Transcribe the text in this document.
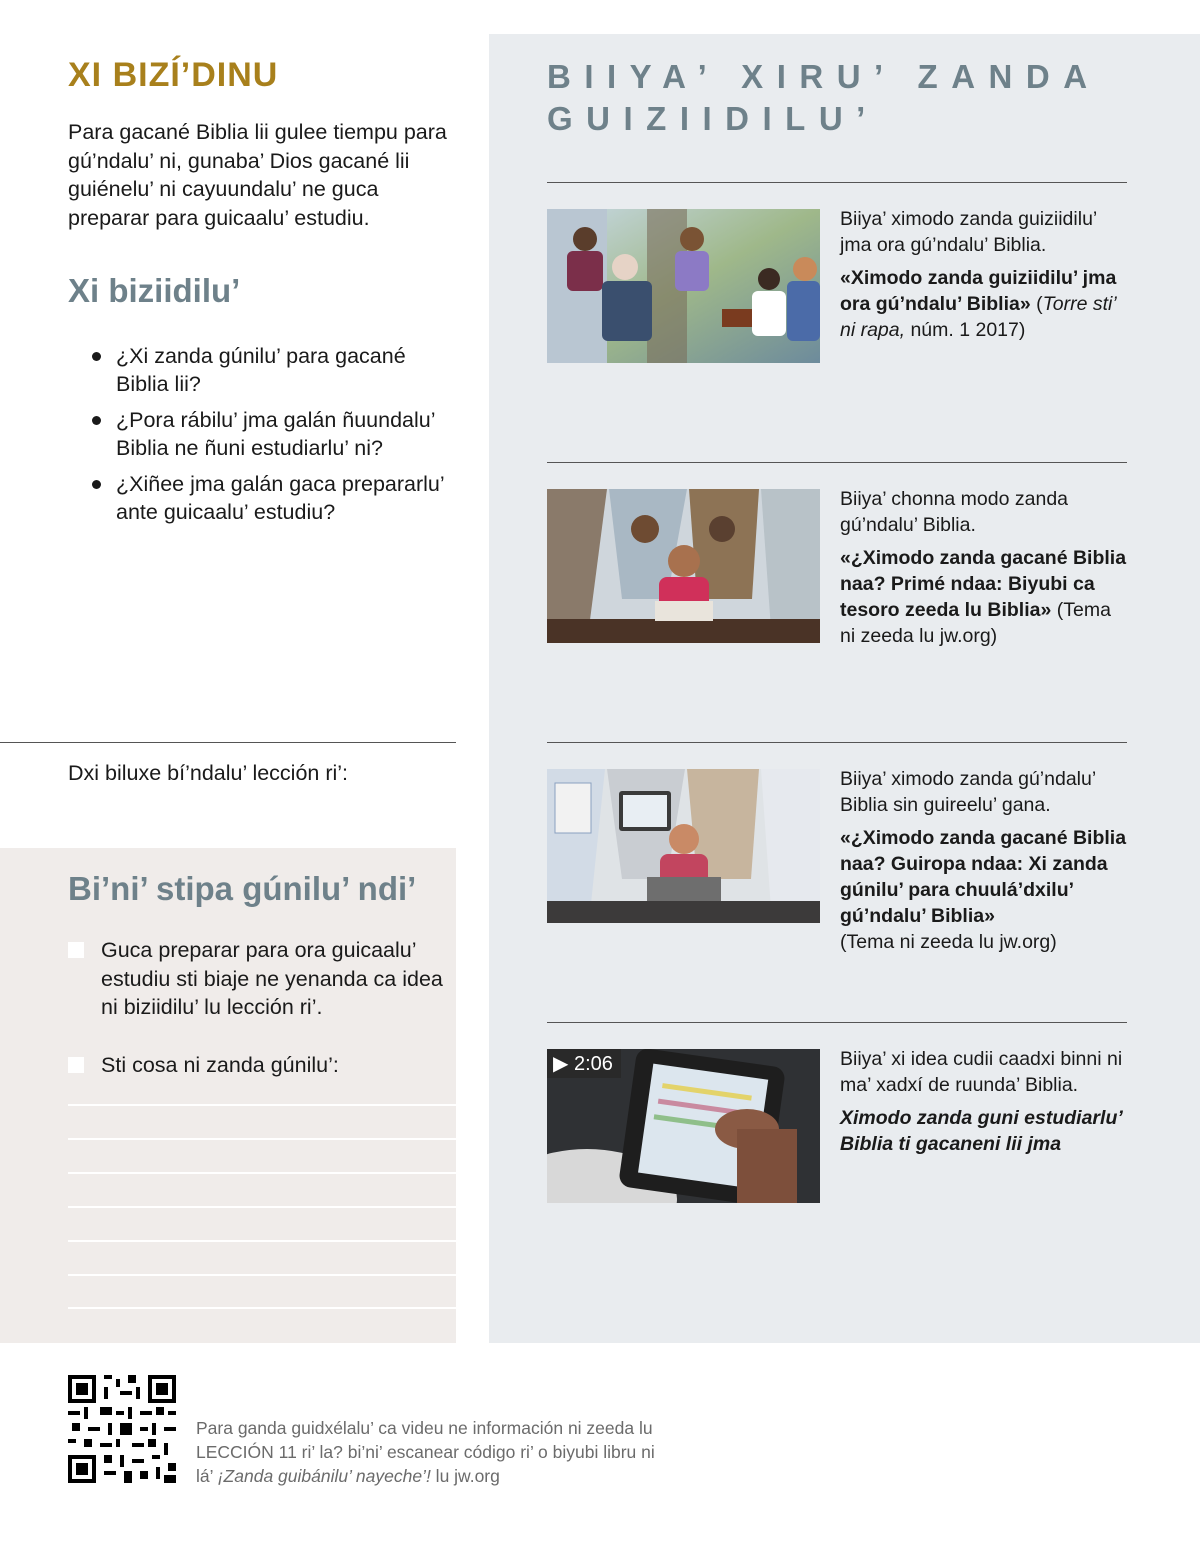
XI BIZÍ’DINU

Para gacané Biblia lii gulee tiempu para gú’ndalu’ ni, gunaba’ Dios gacané lii guiénelu’ ni cayuundalu’ ne guca preparar para guicaalu’ estudiu.

Xi biziidilu’
¿Xi zanda gúnilu’ para gacané Biblia lii?
¿Pora rábilu’ jma galán ñuundalu’ Biblia ne ñuni estudiarlu’ ni?
¿Xiñee jma galán gaca prepararlu’ ante guicaalu’ estudiu?
Dxi biluxe bí’ndalu’ lección ri’:
Bi’ni’ stipa gúnilu’ ndi’
Guca preparar para ora guicaalu’ estudiu sti biaje ne yenanda ca idea ni biziidilu’ lu lección ri’.
Sti cosa ni zanda gúnilu’:
BIIYA’ XIRU’ ZANDA GUIZIIDILU’
Biiya’ ximodo zanda guiziidilu’ jma ora gú’ndalu’ Biblia.
«Ximodo zanda guiziidilu’ jma ora gú’ndalu’ Biblia» (Torre sti’ ni rapa, núm. 1 2017)
Biiya’ chonna modo zanda gú’ndalu’ Biblia.
«¿Ximodo zanda gacané Biblia naa? Primé ndaa: Biyubi ca tesoro zeeda lu Biblia» (Tema ni zeeda lu jw.org)
Biiya’ ximodo zanda gú’ndalu’ Biblia sin guireelu’ gana.
«¿Ximodo zanda gacané Biblia naa? Guiropa ndaa: Xi zanda gúnilu’ para chuulá’dxilu’ gú’ndalu’ Biblia»
(Tema ni zeeda lu jw.org)
▶ 2:06	Biiya’ xi idea cudii caadxi binni ni ma’ xadxí de ruunda’ Biblia.
Ximodo zanda guni estudiarlu’ Biblia ti gacaneni lii jma
Para ganda guidxélalu’ ca videu ne información ni zeeda lu LECCIÓN 11 ri’ la? bi’ni’ escanear código ri’ o biyubi libru ni lá’ ¡Zanda guibánilu’ nayeche’! lu jw.org
